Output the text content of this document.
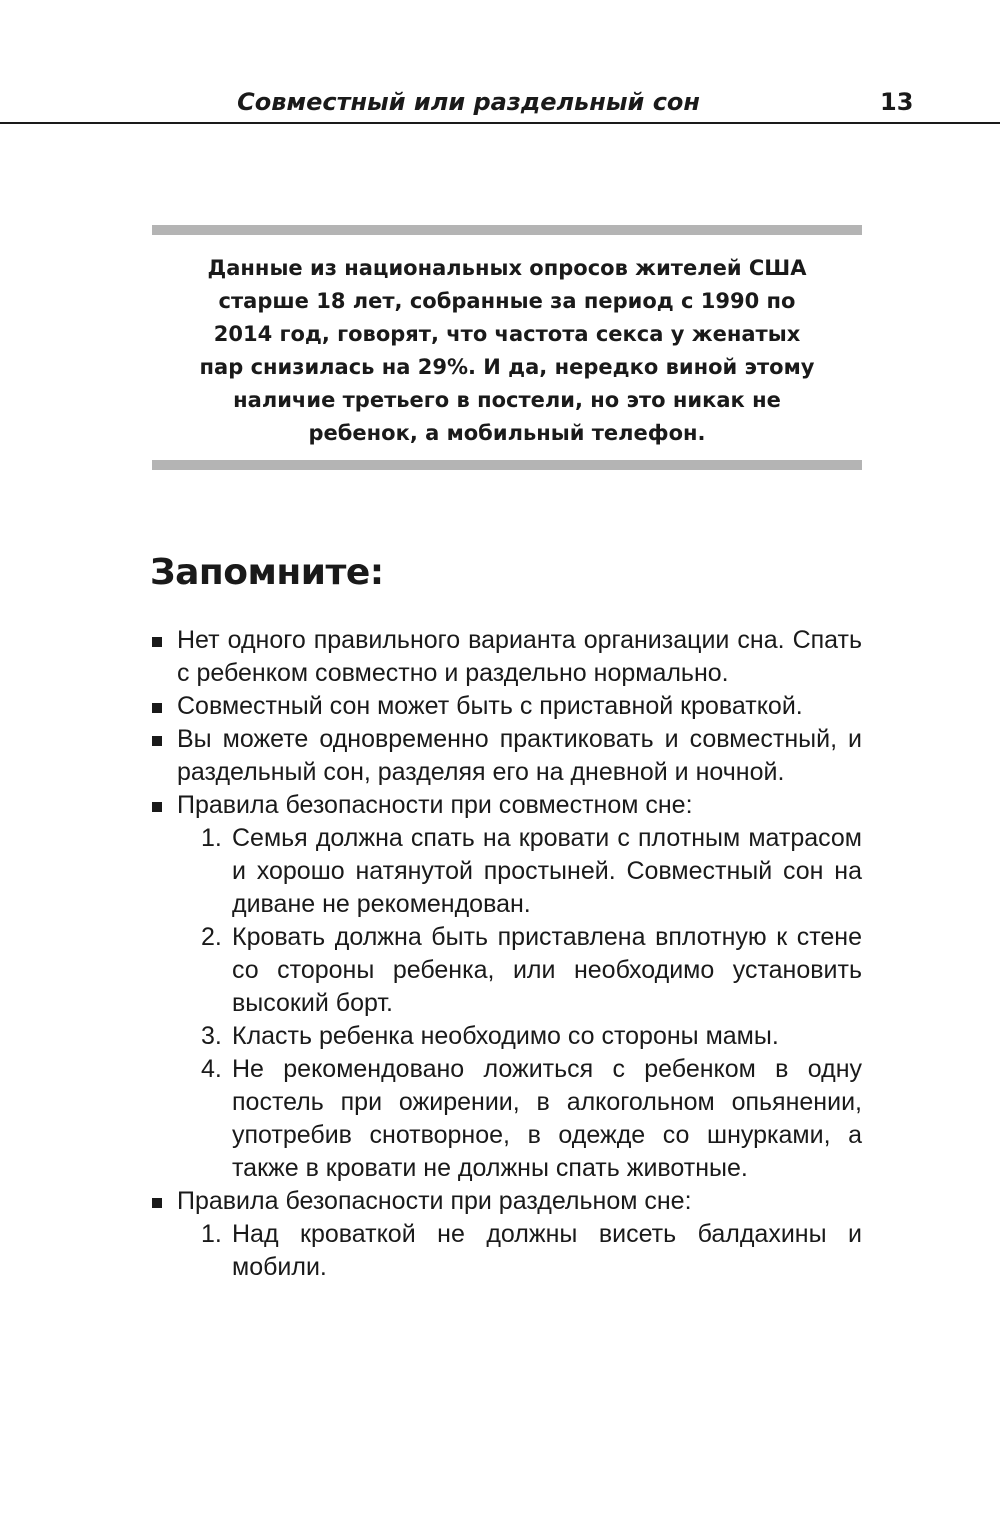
Совместный или раздельный сон	13

Данные из национальных опросов жителей США старше 18 лет, собранные за период с 1990 по 2014 год, говорят, что частота секса у женатых пар снизилась на 29%. И да, нередко виной этому наличие третьего в постели, но это никак не ребенок, а мобильный телефон.

Запомните:
Нет одного правильного варианта организации сна. Спать с ребенком совместно и раздельно нормально.
Совместный сон может быть с приставной кроваткой.
Вы можете одновременно практиковать и совместный, и раздельный сон, разделяя его на дневной и ночной.
Правила безопасности при совместном сне:
1. Семья должна спать на кровати с плотным матрасом и хорошо натянутой простыней. Совместный сон на диване не рекомендован.
2. Кровать должна быть приставлена вплотную к стене со стороны ребенка, или необходимо установить высокий борт.
3. Класть ребенка необходимо со стороны мамы.
4. Не рекомендовано ложиться с ребенком в одну постель при ожирении, в алкогольном опьянении, употребив снотворное, в одежде со шнурками, а также в кровати не должны спать животные.
Правила безопасности при раздельном сне:
1. Над кроваткой не должны висеть балдахины и мобили.
